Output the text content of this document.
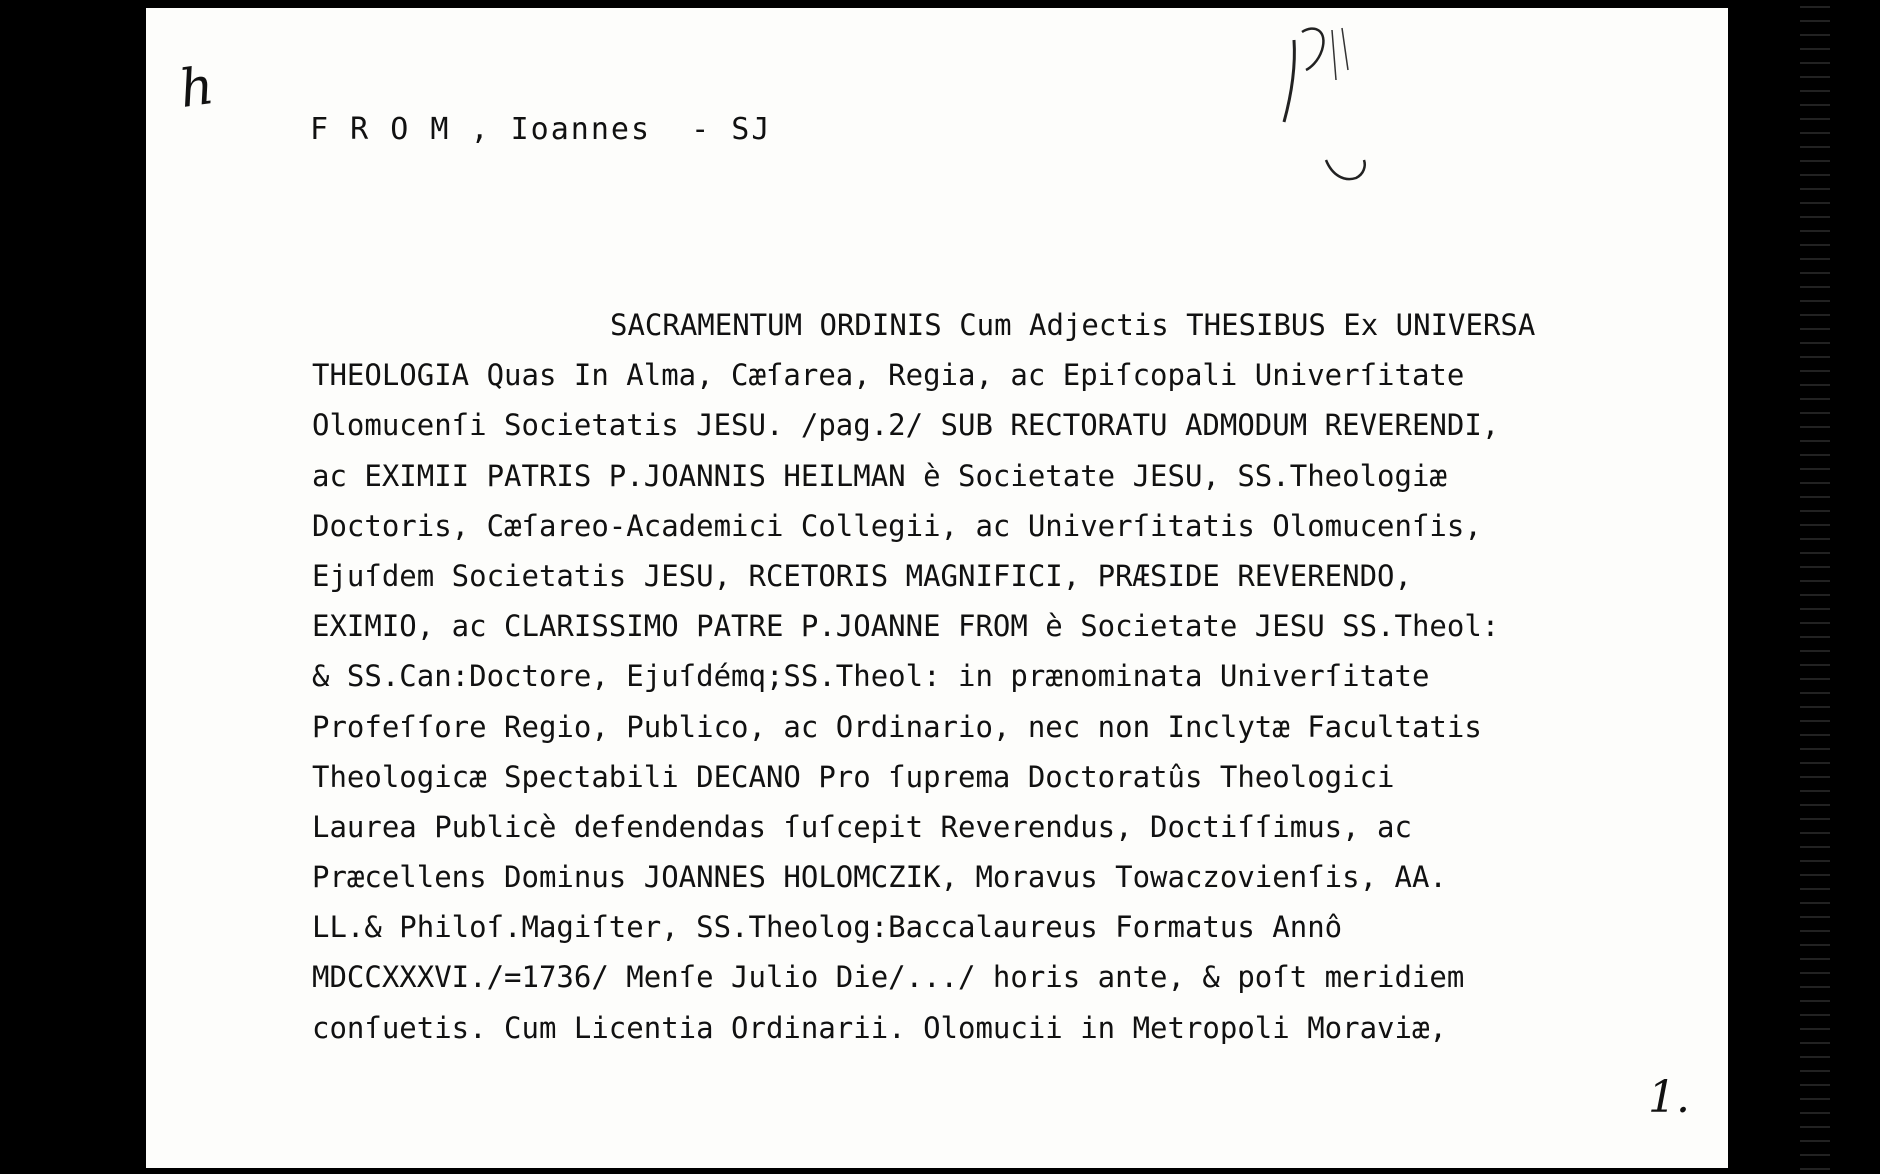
h
F R O M , Ioannes  - SJ
SACRAMENTUM ORDINIS Cum Adjectis THESIBUS Ex UNIVERSA
THEOLOGIA Quas In Alma, Cæſarea, Regia, ac Epiſcopali Univerſitate
Olomucenſi Societatis JESU. /pag.2/ SUB RECTORATU ADMODUM REVERENDI,
ac EXIMII PATRIS P.JOANNIS HEILMAN è Societate JESU, SS.Theologiæ
Doctoris, Cæſareo-Academici Collegii, ac Univerſitatis Olomucenſis,
Ejuſdem Societatis JESU, RCETORIS MAGNIFICI, PRÆSIDE REVERENDO,
EXIMIO, ac CLARISSIMO PATRE P.JOANNE FROM è Societate JESU SS.Theol:
& SS.Can:Doctore, Ejuſdémq;SS.Theol: in prænominata Univerſitate
Profeſſore Regio, Publico, ac Ordinario, nec non Inclytæ Facultatis
Theologicæ Spectabili DECANO Pro ſuprema Doctoratûs Theologici
Laurea Publicè defendendas ſuſcepit Reverendus, Doctiſſimus, ac
Præcellens Dominus JOANNES HOLOMCZIK, Moravus Towaczovienſis, AA.
LL.& Philoſ.Magiſter, SS.Theolog:Baccalaureus Formatus Annô
MDCCXXXVI./=1736/ Menſe Julio Die/.../ horis ante, & poſt meridiem
conſuetis. Cum Licentia Ordinarii. Olomucii in Metropoli Moraviæ,
1.
